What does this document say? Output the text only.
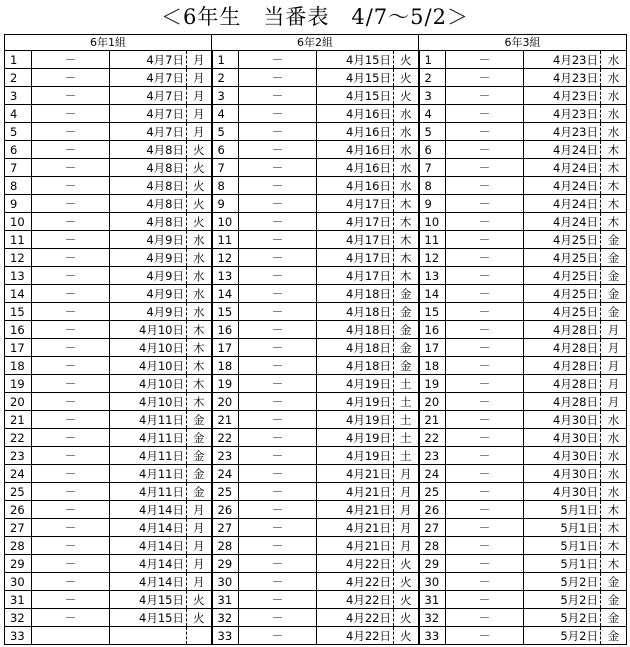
＜6年生　当番表　4/7〜5/2＞
6年1組				6年2組				6年3組			
1	－	4月7日	月	1	－	4月15日	火	1	－	4月23日	水
2	－	4月7日	月	2	－	4月15日	火	2	－	4月23日	水
3	－	4月7日	月	3	－	4月15日	火	3	－	4月23日	水
4	－	4月7日	月	4	－	4月16日	水	4	－	4月23日	水
5	－	4月7日	月	5	－	4月16日	水	5	－	4月23日	水
6	－	4月8日	火	6	－	4月16日	水	6	－	4月24日	木
7	－	4月8日	火	7	－	4月16日	水	7	－	4月24日	木
8	－	4月8日	火	8	－	4月16日	水	8	－	4月24日	木
9	－	4月8日	火	9	－	4月17日	木	9	－	4月24日	木
10	－	4月8日	火	10	－	4月17日	木	10	－	4月24日	木
11	－	4月9日	水	11	－	4月17日	木	11	－	4月25日	金
12	－	4月9日	水	12	－	4月17日	木	12	－	4月25日	金
13	－	4月9日	水	13	－	4月17日	木	13	－	4月25日	金
14	－	4月9日	水	14	－	4月18日	金	14	－	4月25日	金
15	－	4月9日	水	15	－	4月18日	金	15	－	4月25日	金
16	－	4月10日	木	16	－	4月18日	金	16	－	4月28日	月
17	－	4月10日	木	17	－	4月18日	金	17	－	4月28日	月
18	－	4月10日	木	18	－	4月18日	金	18	－	4月28日	月
19	－	4月10日	木	19	－	4月19日	土	19	－	4月28日	月
20	－	4月10日	木	20	－	4月19日	土	20	－	4月28日	月
21	－	4月11日	金	21	－	4月19日	土	21	－	4月30日	水
22	－	4月11日	金	22	－	4月19日	土	22	－	4月30日	水
23	－	4月11日	金	23	－	4月19日	土	23	－	4月30日	水
24	－	4月11日	金	24	－	4月21日	月	24	－	4月30日	水
25	－	4月11日	金	25	－	4月21日	月	25	－	4月30日	水
26	－	4月14日	月	26	－	4月21日	月	26	－	5月1日	木
27	－	4月14日	月	27	－	4月21日	月	27	－	5月1日	木
28	－	4月14日	月	28	－	4月21日	月	28	－	5月1日	木
29	－	4月14日	月	29	－	4月22日	火	29	－	5月1日	木
30	－	4月14日	月	30	－	4月22日	火	30	－	5月2日	金
31	－	4月15日	火	31	－	4月22日	火	31	－	5月2日	金
32	－	4月15日	火	32	－	4月22日	火	32	－	5月2日	金
33				33	－	4月22日	火	33	－	5月2日	金
